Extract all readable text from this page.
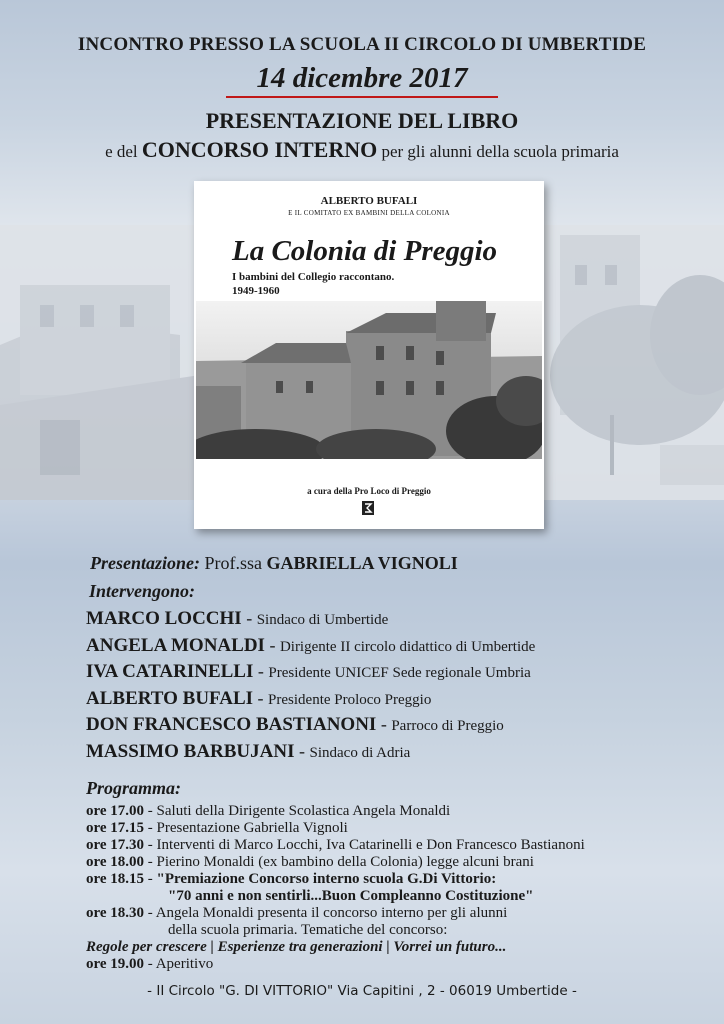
INCONTRO PRESSO LA SCUOLA II CIRCOLO DI UMBERTIDE
14 dicembre 2017
PRESENTAZIONE DEL LIBRO
e del CONCORSO INTERNO per gli alunni della scuola primaria
ALBERTO BUFALI
E IL COMITATO EX BAMBINI DELLA COLONIA
La Colonia di Preggio
I bambini del Collegio raccontano.
1949-1960
a cura della Pro Loco di Preggio
Presentazione: Prof.ssa GABRIELLA VIGNOLI
Intervengono:
MARCO LOCCHI - Sindaco di Umbertide
ANGELA MONALDI - Dirigente II circolo didattico di Umbertide
IVA CATARINELLI - Presidente UNICEF Sede regionale Umbria
ALBERTO BUFALI - Presidente Proloco Preggio
DON FRANCESCO BASTIANONI - Parroco di Preggio
MASSIMO BARBUJANI - Sindaco di Adria
Programma:
ore 17.00 - Saluti della Dirigente Scolastica Angela Monaldi
ore 17.15 - Presentazione Gabriella Vignoli
ore 17.30 - Interventi di Marco Locchi, Iva Catarinelli e Don Francesco Bastianoni
ore 18.00 - Pierino Monaldi (ex bambino della Colonia) legge alcuni brani
ore 18.15 - "Premiazione Concorso interno scuola G.Di Vittorio:
"70 anni e non sentirli...Buon Compleanno Costituzione"
ore 18.30 - Angela Monaldi presenta il concorso interno per gli alunni
della scuola primaria. Tematiche del concorso:
Regole per crescere | Esperienze tra generazioni | Vorrei un futuro...
ore 19.00 - Aperitivo
- II Circolo "G. DI VITTORIO" Via Capitini , 2 - 06019 Umbertide -
